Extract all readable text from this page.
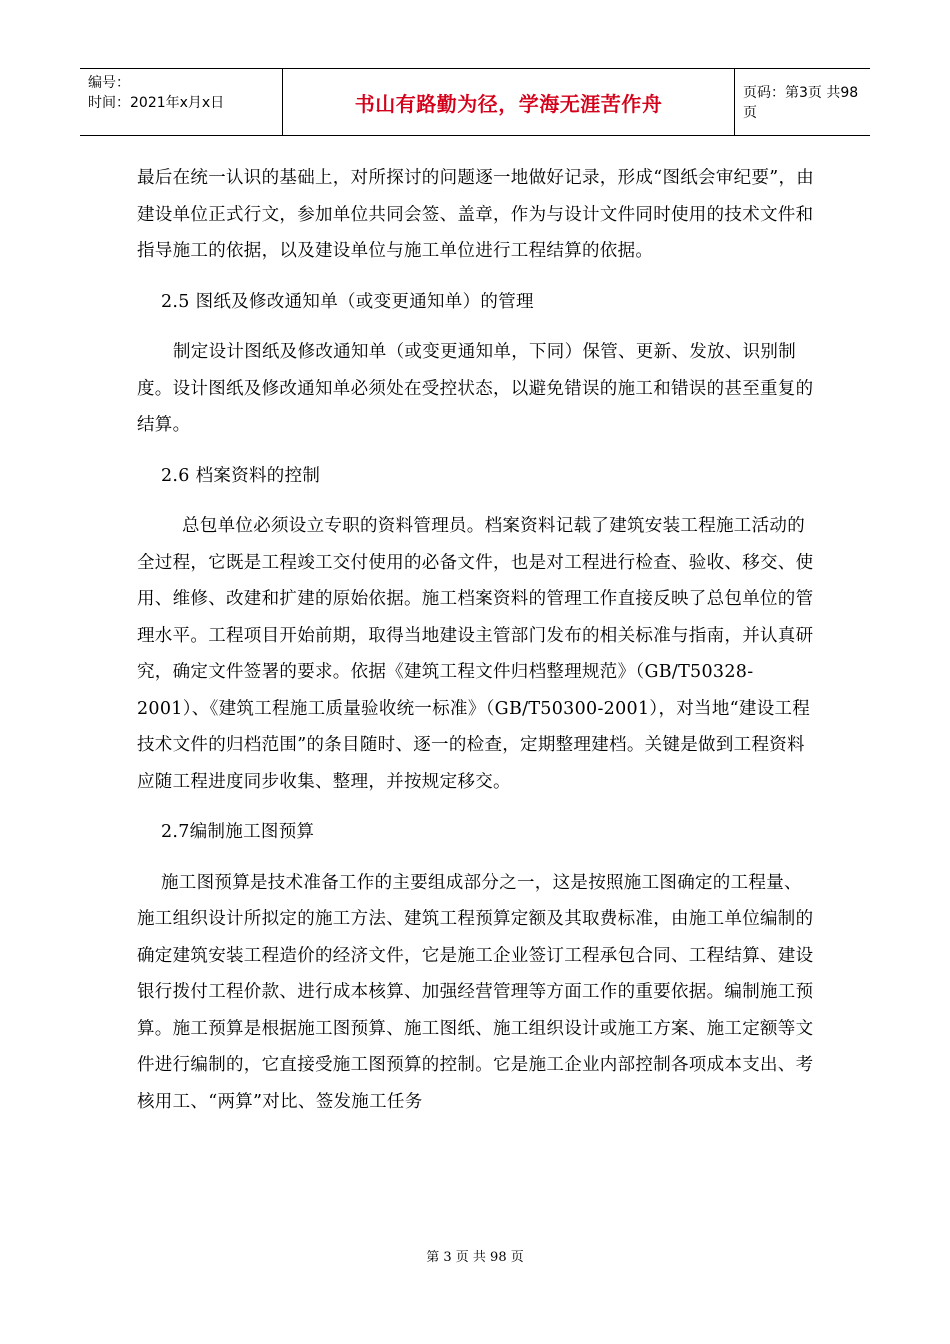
编号：
时间：2021年x月x日	书山有路勤为径，学海无涯苦作舟	页码：第3页 共98页

最后在统一认识的基础上，对所探讨的问题逐一地做好记录，形成“图纸会审纪要”，由建设单位正式行文，参加单位共同会签、盖章，作为与设计文件同时使用的技术文件和指导施工的依据，以及建设单位与施工单位进行工程结算的依据。

2.5 图纸及修改通知单（或变更通知单）的管理

制定设计图纸及修改通知单（或变更通知单，下同）保管、更新、发放、识别制度。设计图纸及修改通知单必须处在受控状态，以避免错误的施工和错误的甚至重复的结算。

2.6 档案资料的控制

总包单位必须设立专职的资料管理员。档案资料记载了建筑安装工程施工活动的全过程，它既是工程竣工交付使用的必备文件，也是对工程进行检查、验收、移交、使用、维修、改建和扩建的原始依据。施工档案资料的管理工作直接反映了总包单位的管理水平。工程项目开始前期，取得当地建设主管部门发布的相关标准与指南，并认真研究，确定文件签署的要求。依据《建筑工程文件归档整理规范》（GB/T50328-2001）、《建筑工程施工质量验收统一标准》（GB/T50300-2001），对当地“建设工程技术文件的归档范围”的条目随时、逐一的检查，定期整理建档。关键是做到工程资料应随工程进度同步收集、整理，并按规定移交。

2.7编制施工图预算

施工图预算是技术准备工作的主要组成部分之一，这是按照施工图确定的工程量、施工组织设计所拟定的施工方法、建筑工程预算定额及其取费标准，由施工单位编制的确定建筑安装工程造价的经济文件，它是施工企业签订工程承包合同、工程结算、建设银行拨付工程价款、进行成本核算、加强经营管理等方面工作的重要依据。编制施工预算。施工预算是根据施工图预算、施工图纸、施工组织设计或施工方案、施工定额等文件进行编制的，它直接受施工图预算的控制。它是施工企业内部控制各项成本支出、考核用工、“两算”对比、签发施工任务

第 3 页 共 98 页
